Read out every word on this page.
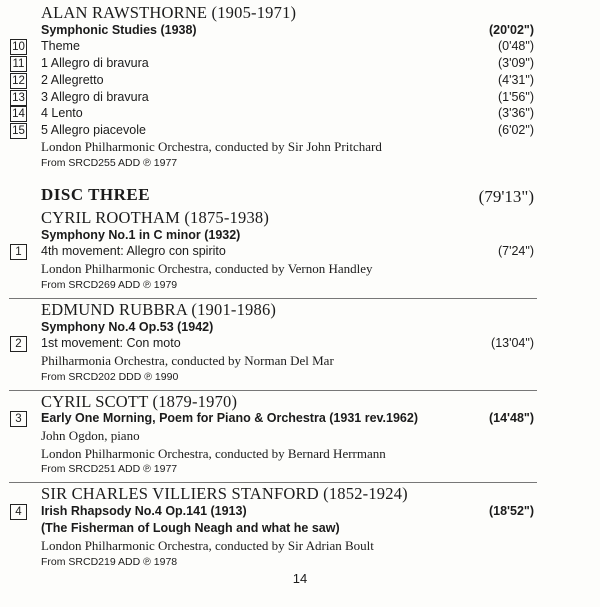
ALAN RAWSTHORNE (1905-1971)
Symphonic Studies (1938)	(20'02")
10 Theme	(0'48")
11 1 Allegro di bravura	(3'09")
12 2 Allegretto	(4'31")
13 3 Allegro di bravura	(1'56")
14 4 Lento	(3'36")
15 5 Allegro piacevole	(6'02")
London Philharmonic Orchestra, conducted by Sir John Pritchard
From SRCD255 ADD ℗ 1977
DISC THREE	(79'13")
CYRIL ROOTHAM (1875-1938)
Symphony No.1 in C minor (1932)
1	4th movement: Allegro con spirito	(7'24")
London Philharmonic Orchestra, conducted by Vernon Handley
From SRCD269 ADD ℗ 1979
EDMUND RUBBRA (1901-1986)
Symphony No.4 Op.53 (1942)
2	1st movement: Con moto	(13'04")
Philharmonia Orchestra, conducted by Norman Del Mar
From SRCD202 DDD ℗ 1990
CYRIL SCOTT (1879-1970)
3	Early One Morning, Poem for Piano & Orchestra (1931 rev.1962)	(14'48")
John Ogdon, piano
London Philharmonic Orchestra, conducted by Bernard Herrmann
From SRCD251 ADD ℗ 1977
SIR CHARLES VILLIERS STANFORD (1852-1924)
4	Irish Rhapsody No.4 Op.141 (1913)	(18'52")
(The Fisherman of Lough Neagh and what he saw)
London Philharmonic Orchestra, conducted by Sir Adrian Boult
From SRCD219 ADD ℗ 1978
14
